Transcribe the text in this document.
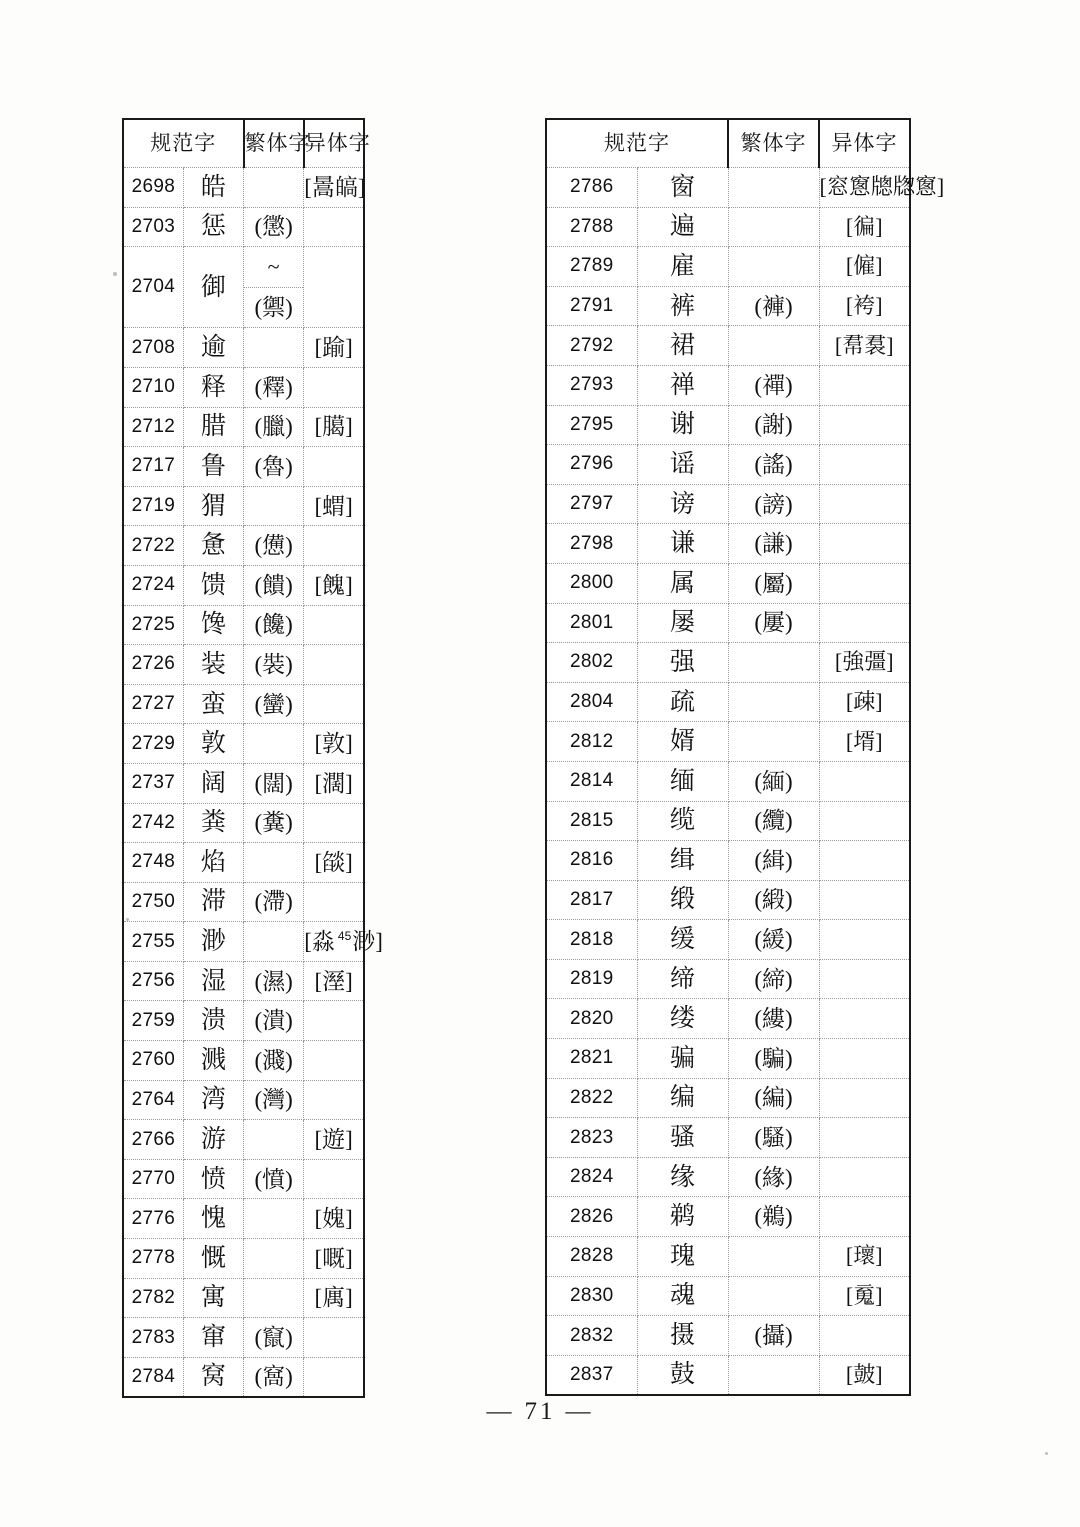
规范字		繁体字	异体字
2698	皓		[暠皜]
2703	惩	(懲)	
2704	御	~
(禦)	

2708	逾		[踰]
2710	释	(釋)	
2712	腊	(臘)	[臈]
2717	鲁	(魯)	
2719	猬		[蝟]
2722	惫	(憊)	
2724	馈	(饋)	[餽]
2725	馋	(饞)	
2726	装	(裝)	
2727	蛮	(蠻)	
2729	敦		[敦]
2737	阔	(闊)	[濶]
2742	粪	(糞)	
2748	焰		[燄]
2750	滞	(滯)	
2755	渺		[淼 $^{45}$渺]
2756	湿	(濕)	[溼]
2759	溃	(潰)	
2760	溅	(濺)	
2764	湾	(灣)	
2766	游		[遊]
2770	愤	(憤)	
2776	愧		[媿]
2778	慨		[嘅]
2782	寓		[庽]
2783	窜	(竄)	
2784	窝	(窩)	
规范字		繁体字	异体字
2786	窗		[窓窻牕牎窻]
2788	遍		[徧]
2789	雇		[僱]
2791	裤	(褲)	[袴]
2792	裙		[帬裠]
2793	禅	(禪)	
2795	谢	(謝)	
2796	谣	(謠)	
2797	谤	(謗)	
2798	谦	(謙)	
2800	属	(屬)	
2801	屡	(屢)	
2802	强		[強彊]
2804	疏		[疎]
2812	婿		[壻]
2814	缅	(緬)	
2815	缆	(纜)	
2816	缉	(緝)	
2817	缎	(緞)	
2818	缓	(緩)	
2819	缔	(締)	
2820	缕	(縷)	
2821	骗	(騙)	
2822	编	(編)	
2823	骚	(騷)	
2824	缘	(緣)	
2826	鹈	(鵜)	
2828	瑰		[瓌]
2830	魂		[䰟]
2832	摄	(攝)	
2837	鼓		[皷]
— 71 —
